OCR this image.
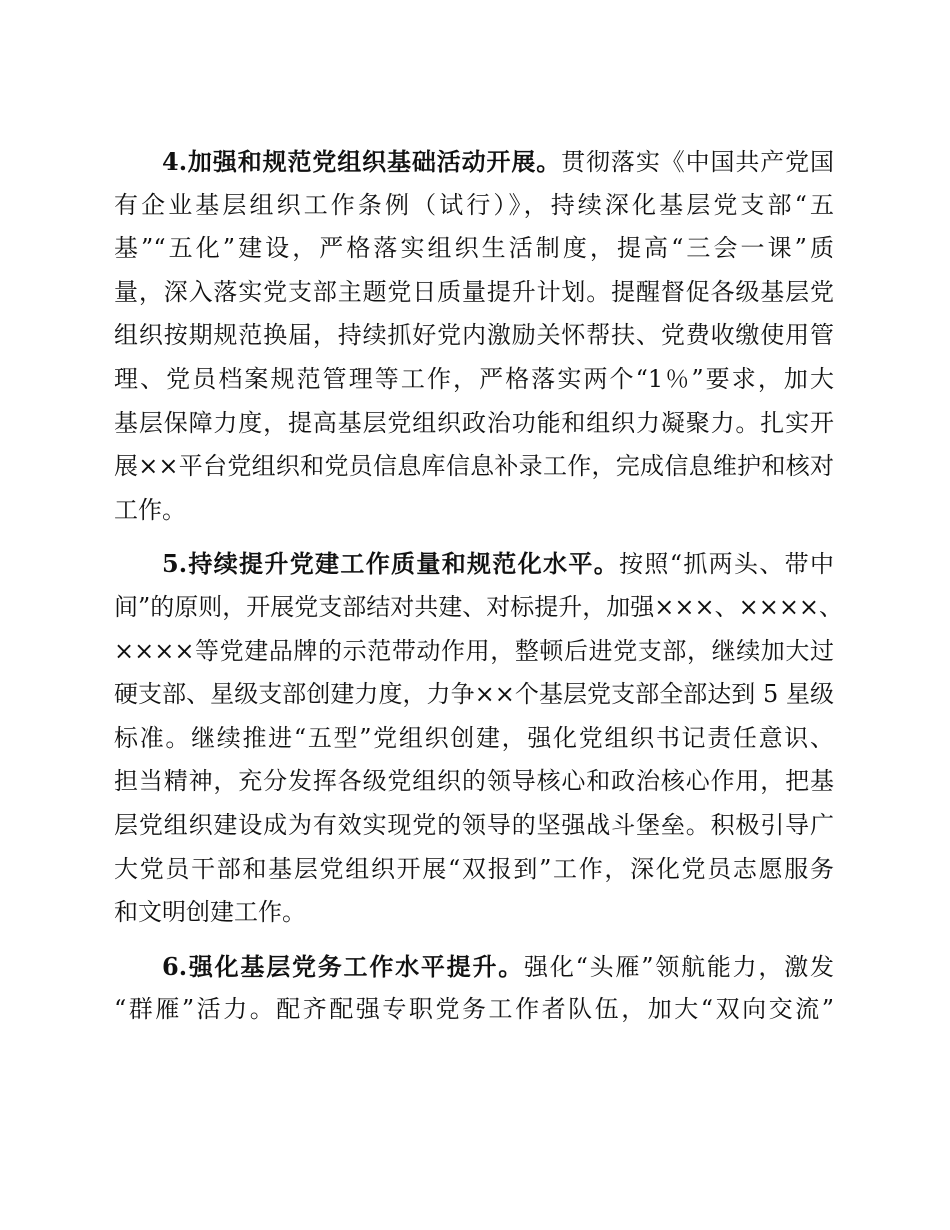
4.加强和规范党组织基础活动开展。贯彻落实《中国共产党国
有企业基层组织工作条例（试行）》，持续深化基层党支部“五
基”“五化”建设，严格落实组织生活制度，提高“三会一课”质
量，深入落实党支部主题党日质量提升计划。提醒督促各级基层党
组织按期规范换届，持续抓好党内激励关怀帮扶、党费收缴使用管
理、党员档案规范管理等工作，严格落实两个“1％”要求，加大
基层保障力度，提高基层党组织政治功能和组织力凝聚力。扎实开
展××平台党组织和党员信息库信息补录工作，完成信息维护和核对
工作。
5.持续提升党建工作质量和规范化水平。按照“抓两头、带中
间”的原则，开展党支部结对共建、对标提升，加强×××、××××、
××××等党建品牌的示范带动作用，整顿后进党支部，继续加大过
硬支部、星级支部创建力度，力争××个基层党支部全部达到 5 星级
标准。继续推进“五型”党组织创建，强化党组织书记责任意识、
担当精神，充分发挥各级党组织的领导核心和政治核心作用，把基
层党组织建设成为有效实现党的领导的坚强战斗堡垒。积极引导广
大党员干部和基层党组织开展“双报到”工作，深化党员志愿服务
和文明创建工作。
6.强化基层党务工作水平提升。强化“头雁”领航能力，激发
“群雁”活力。配齐配强专职党务工作者队伍，加大“双向交流”
